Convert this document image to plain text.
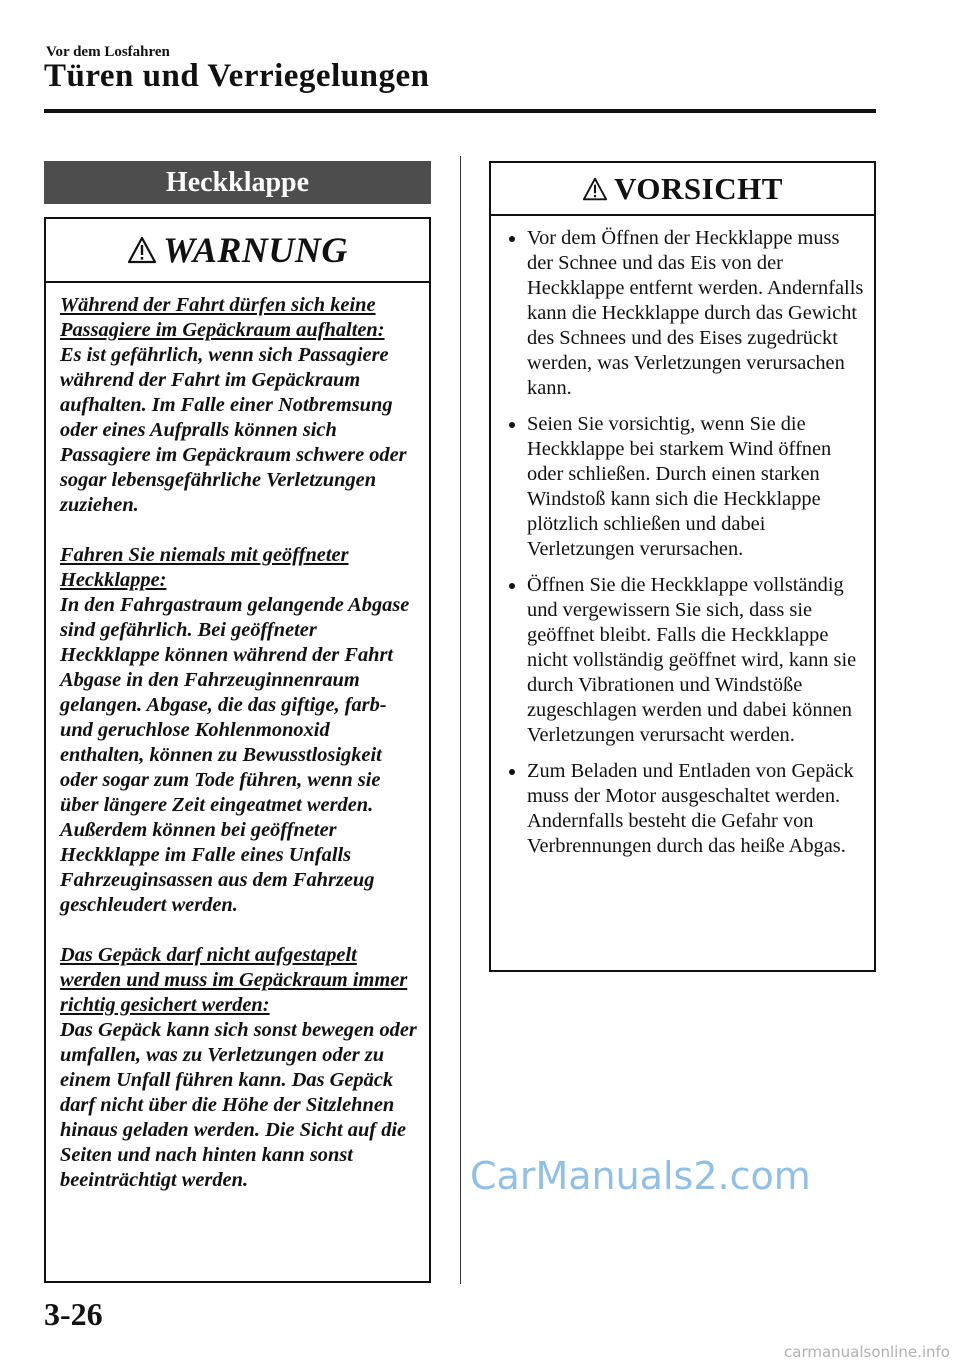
Vor dem Losfahren
Türen und Verriegelungen
Heckklappe
WARNUNG

Während der Fahrt dürfen sich keine Passagiere im Gepäckraum aufhalten:
Es ist gefährlich, wenn sich Passagiere während der Fahrt im Gepäckraum aufhalten. Im Falle einer Notbremsung oder eines Aufpralls können sich Passagiere im Gepäckraum schwere oder sogar lebensgefährliche Verletzungen zuziehen.

Fahren Sie niemals mit geöffneter Heckklappe:
In den Fahrgastraum gelangende Abgase sind gefährlich. Bei geöffneter Heckklappe können während der Fahrt Abgase in den Fahrzeuginnenraum gelangen. Abgase, die das giftige, farb- und geruchlose Kohlenmonoxid enthalten, können zu Bewusstlosigkeit oder sogar zum Tode führen, wenn sie über längere Zeit eingeatmet werden. Außerdem können bei geöffneter Heckklappe im Falle eines Unfalls Fahrzeuginsassen aus dem Fahrzeug geschleudert werden.

Das Gepäck darf nicht aufgestapelt werden und muss im Gepäckraum immer richtig gesichert werden:
Das Gepäck kann sich sonst bewegen oder umfallen, was zu Verletzungen oder zu einem Unfall führen kann. Das Gepäck darf nicht über die Höhe der Sitzlehnen hinaus geladen werden. Die Sicht auf die Seiten und nach hinten kann sonst beeinträchtigt werden.

VORSICHT
Vor dem Öffnen der Heckklappe muss der Schnee und das Eis von der Heckklappe entfernt werden. Andernfalls kann die Heckklappe durch das Gewicht des Schnees und des Eises zugedrückt werden, was Verletzungen verursachen kann.
Seien Sie vorsichtig, wenn Sie die Heckklappe bei starkem Wind öffnen oder schließen. Durch einen starken Windstoß kann sich die Heckklappe plötzlich schließen und dabei Verletzungen verursachen.
Öffnen Sie die Heckklappe vollständig und vergewissern Sie sich, dass sie geöffnet bleibt. Falls die Heckklappe nicht vollständig geöffnet wird, kann sie durch Vibrationen und Windstöße zugeschlagen werden und dabei können Verletzungen verursacht werden.
Zum Beladen und Entladen von Gepäck muss der Motor ausgeschaltet werden. Andernfalls besteht die Gefahr von Verbrennungen durch das heiße Abgas.
CarManuals2.com
3-26
carmanualsonline.info
